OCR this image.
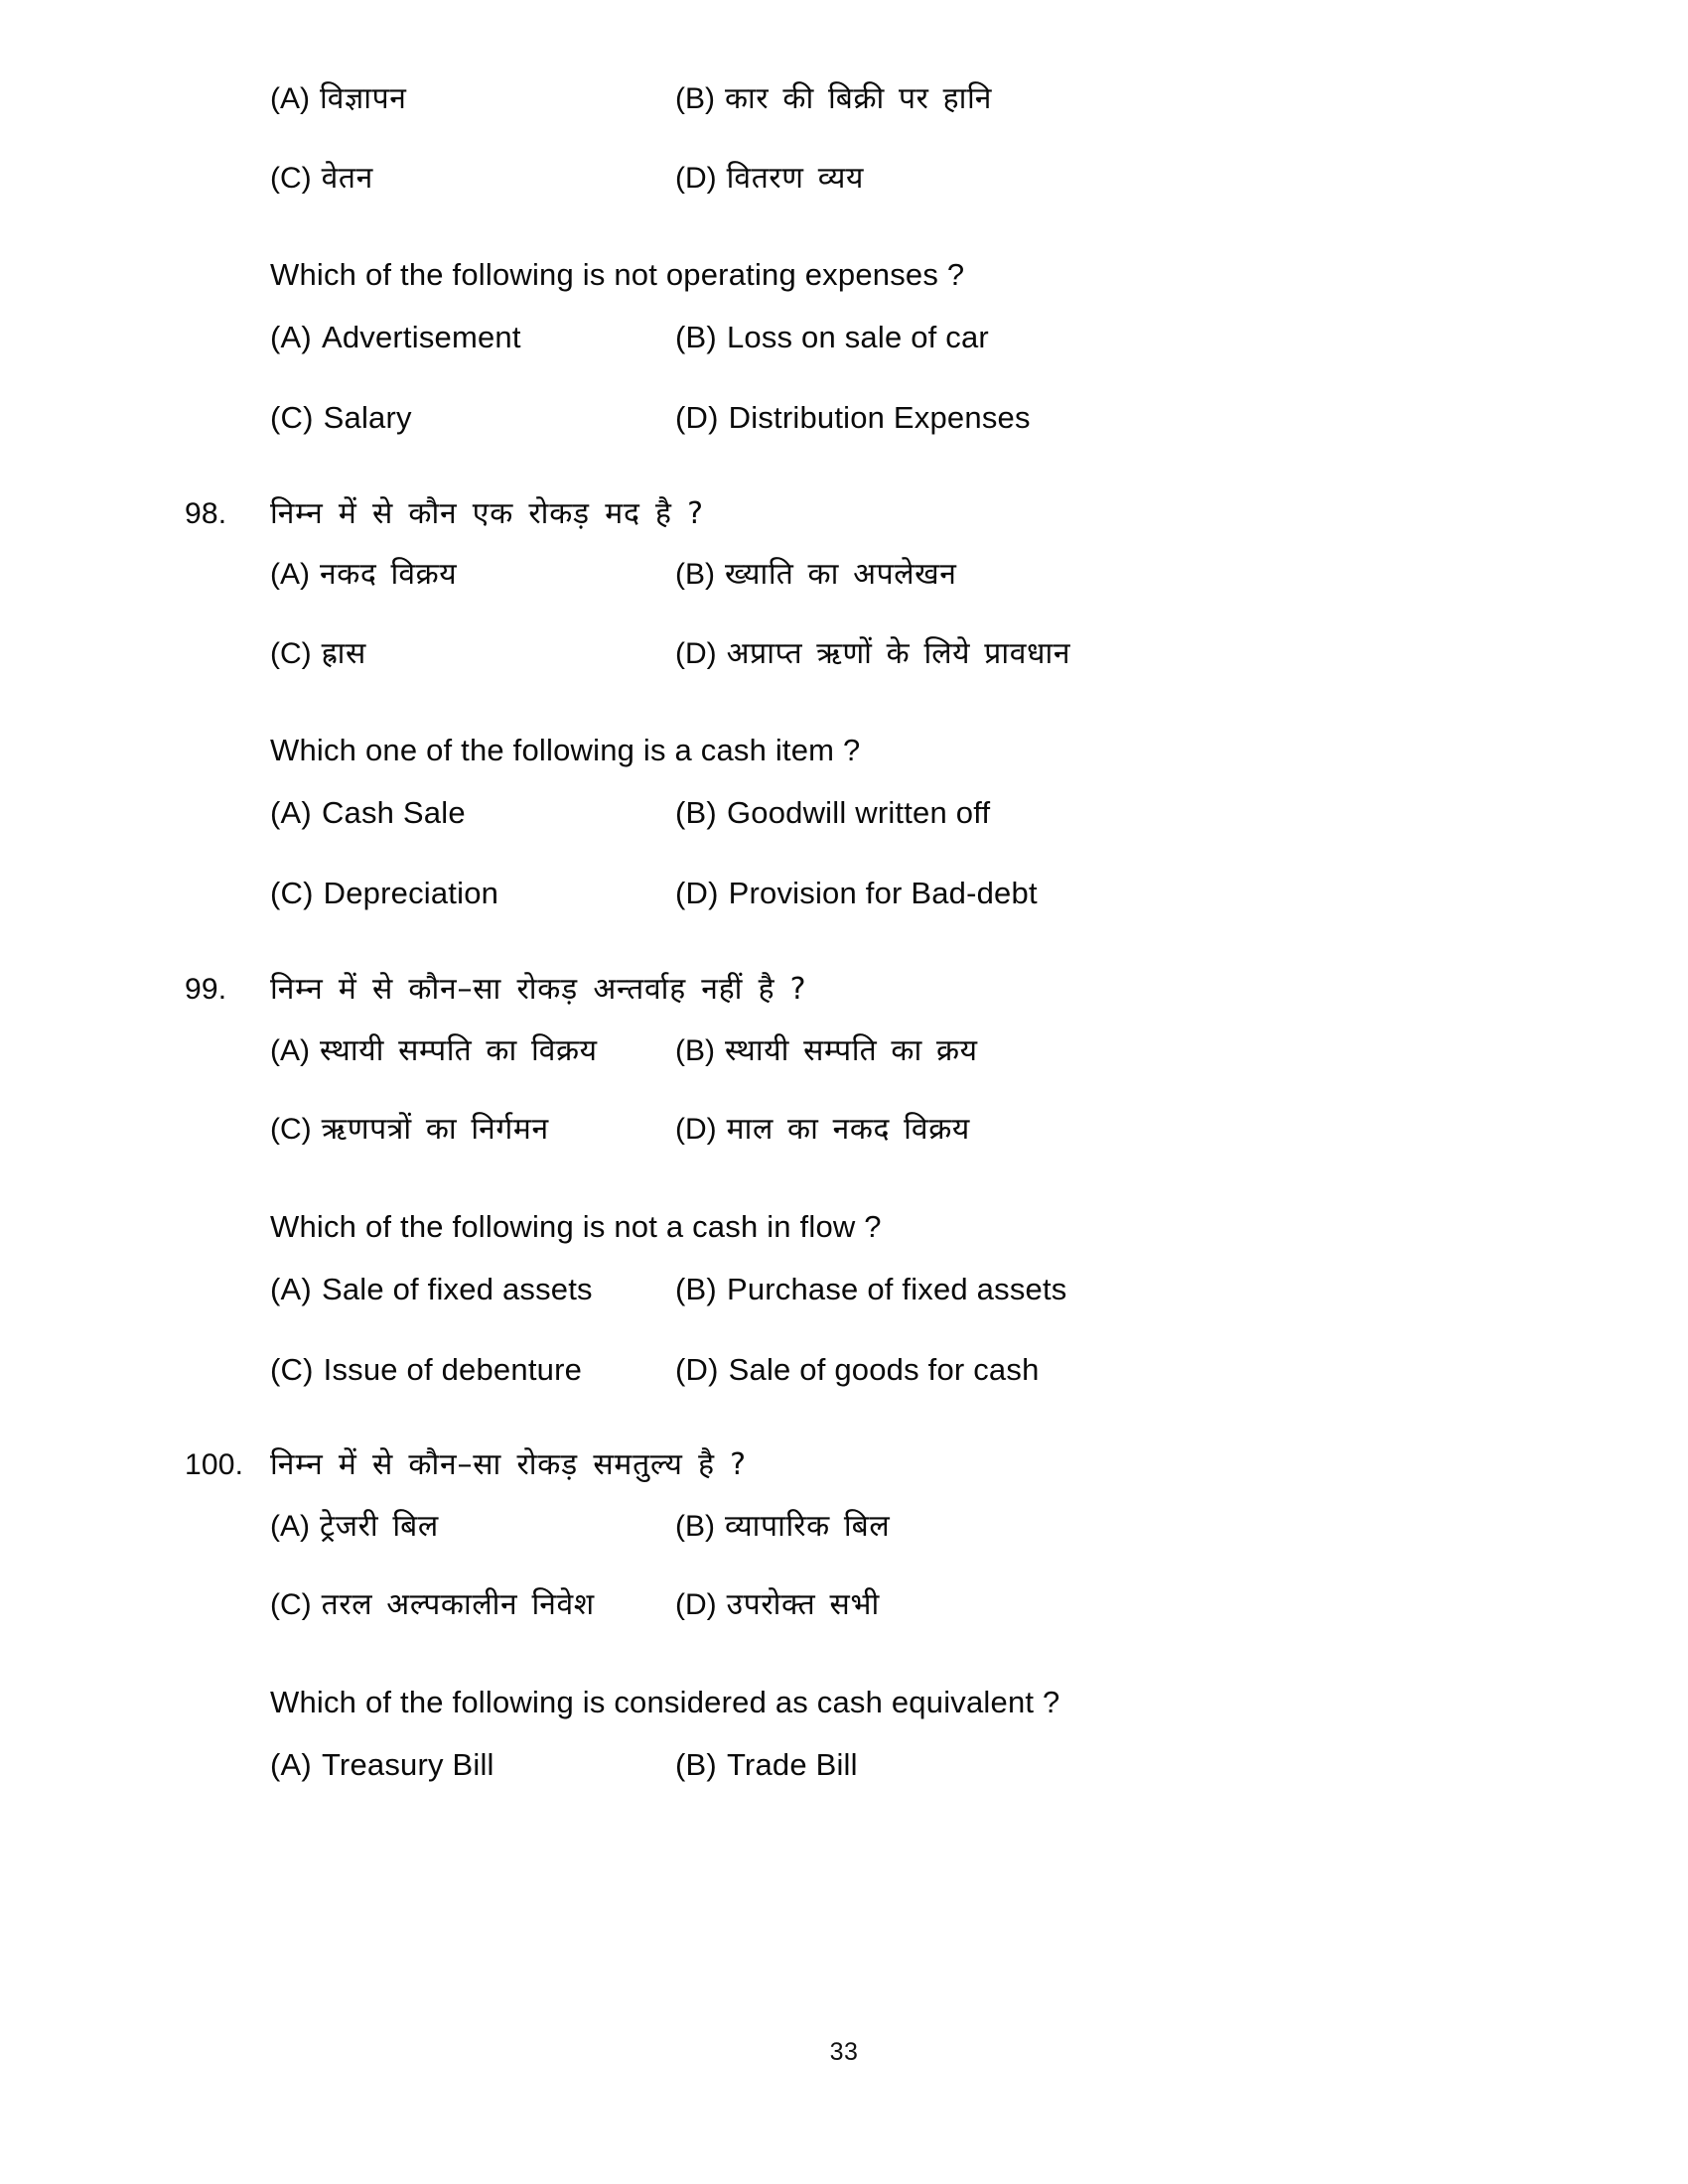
(A) विज्ञापन	(B) कार की बिक्री पर हानि
(C) वेतन	(D) वितरण व्यय
Which of the following is not operating expenses ?
(A) Advertisement	(B) Loss on sale of car
(C) Salary	(D) Distribution Expenses
98.	निम्न में से कौन एक रोकड़ मद है ?
(A) नकद विक्रय	(B) ख्याति का अपलेखन
(C) ह्रास	(D) अप्राप्त ऋणों के लिये प्रावधान
Which one of the following is a cash item ?
(A) Cash Sale	(B) Goodwill written off
(C) Depreciation	(D) Provision for Bad-debt
99.	निम्न में से कौन–सा रोकड़ अन्तर्वाह नहीं है ?
(A) स्थायी सम्पति का विक्रय	(B) स्थायी सम्पति का क्रय
(C) ऋणपत्रों का निर्गमन	(D) माल का नकद विक्रय
Which of the following is not a cash in flow ?
(A) Sale of fixed assets	(B) Purchase of fixed assets
(C) Issue of debenture	(D) Sale of goods for cash
100. निम्न में से कौन–सा रोकड़ समतुल्य है ?
(A) ट्रेजरी बिल	(B) व्यापारिक बिल
(C) तरल अल्पकालीन निवेश	(D) उपरोक्त सभी
Which of the following is considered as cash equivalent ?
(A) Treasury Bill	(B) Trade Bill
33
